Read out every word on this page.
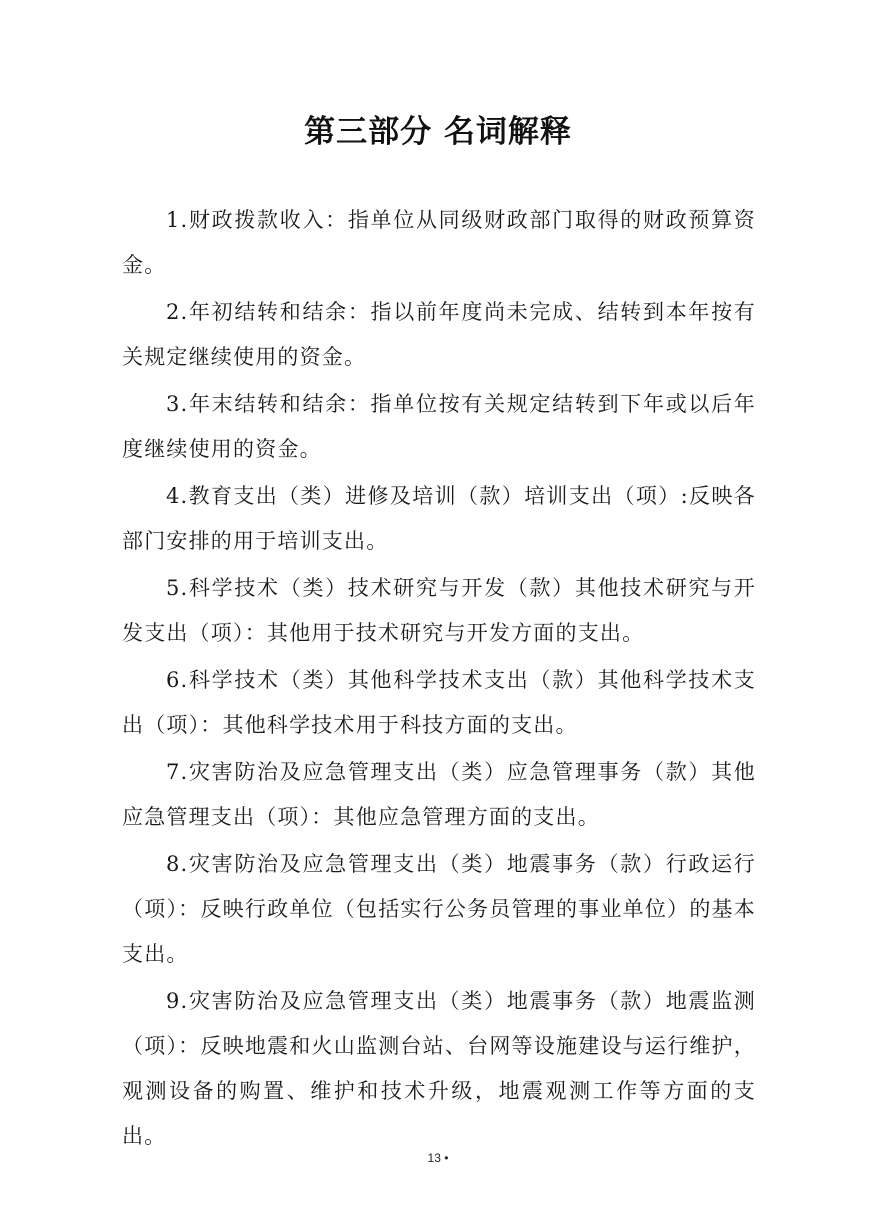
第三部分 名词解释

1.财政拨款收入：指单位从同级财政部门取得的财政预算资金。

2.年初结转和结余：指以前年度尚未完成、结转到本年按有关规定继续使用的资金。

3.年末结转和结余：指单位按有关规定结转到下年或以后年度继续使用的资金。

4.教育支出（类）进修及培训（款）培训支出（项）:反映各部门安排的用于培训支出。

5.科学技术（类）技术研究与开发（款）其他技术研究与开发支出（项）：其他用于技术研究与开发方面的支出。

6.科学技术（类）其他科学技术支出（款）其他科学技术支出（项）：其他科学技术用于科技方面的支出。

7.灾害防治及应急管理支出（类）应急管理事务（款）其他应急管理支出（项）：其他应急管理方面的支出。

8.灾害防治及应急管理支出（类）地震事务（款）行政运行（项）：反映行政单位（包括实行公务员管理的事业单位）的基本支出。

9.灾害防治及应急管理支出（类）地震事务（款）地震监测（项）：反映地震和火山监测台站、台网等设施建设与运行维护，观测设备的购置、维护和技术升级，地震观测工作等方面的支出。

13 •
